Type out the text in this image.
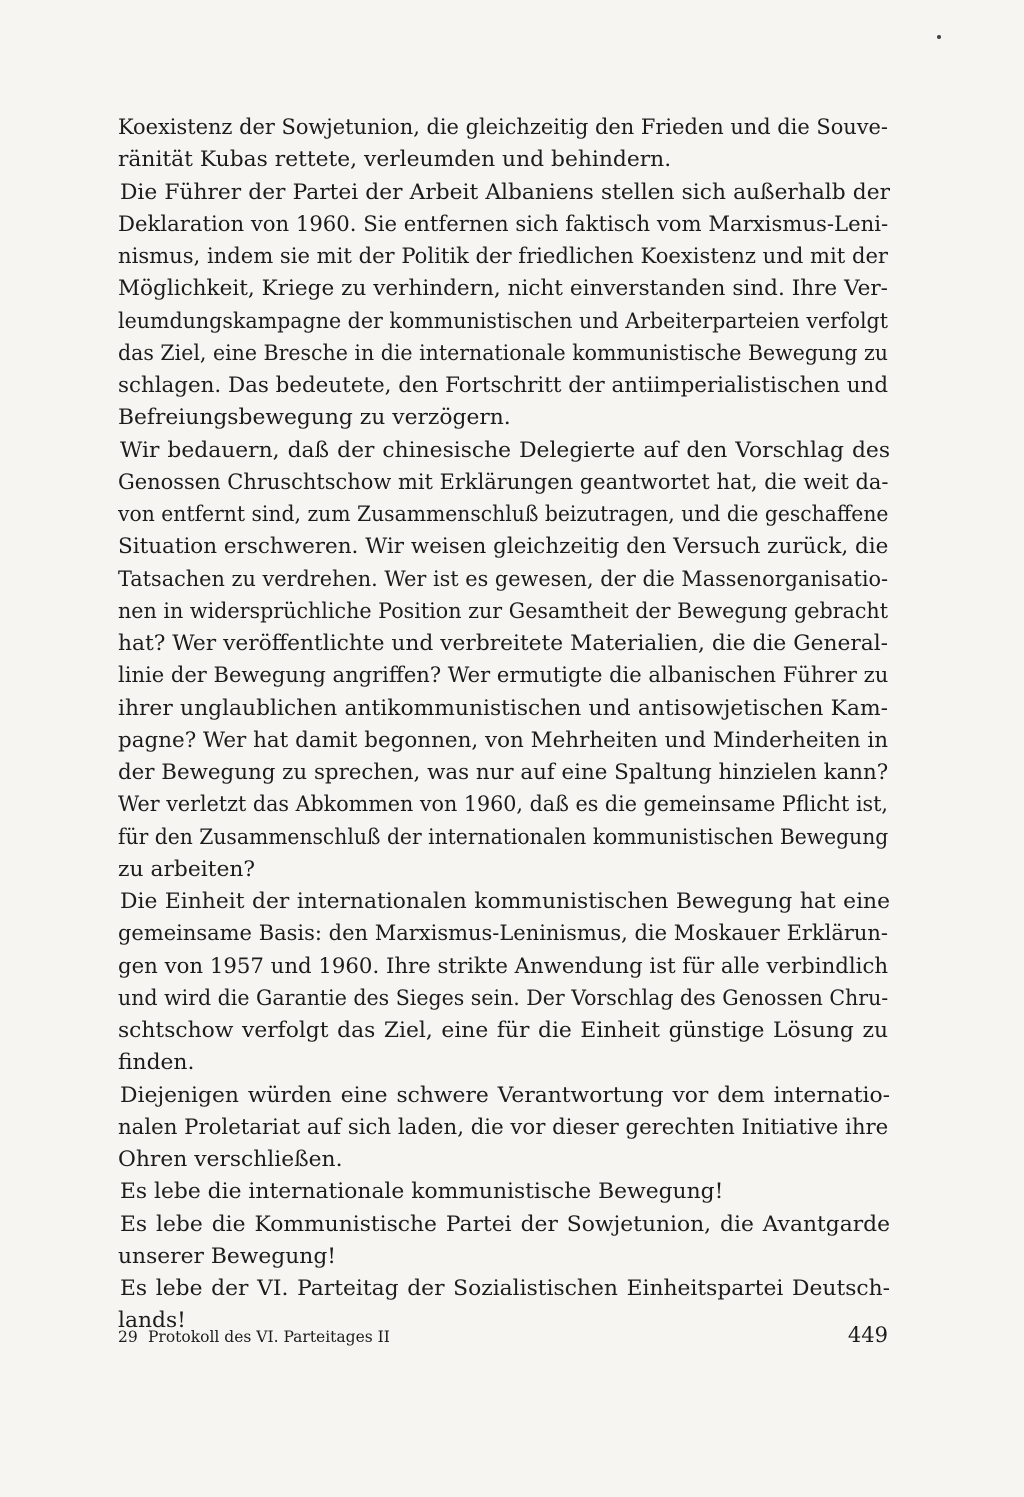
Koexistenz der Sowjetunion, die gleichzeitig den Frieden und die Souve-
ränität Kubas rettete, verleumden und behindern.
Die Führer der Partei der Arbeit Albaniens stellen sich außerhalb der
Deklaration von 1960. Sie entfernen sich faktisch vom Marxismus-Leni-
nismus, indem sie mit der Politik der friedlichen Koexistenz und mit der
Möglichkeit, Kriege zu verhindern, nicht einverstanden sind. Ihre Ver-
leumdungskampagne der kommunistischen und Arbeiterparteien verfolgt
das Ziel, eine Bresche in die internationale kommunistische Bewegung zu
schlagen. Das bedeutete, den Fortschritt der antiimperialistischen und
Befreiungsbewegung zu verzögern.
Wir bedauern, daß der chinesische Delegierte auf den Vorschlag des
Genossen Chruschtschow mit Erklärungen geantwortet hat, die weit da-
von entfernt sind, zum Zusammenschluß beizutragen, und die geschaffene
Situation erschweren. Wir weisen gleichzeitig den Versuch zurück, die
Tatsachen zu verdrehen. Wer ist es gewesen, der die Massenorganisatio-
nen in widersprüchliche Position zur Gesamtheit der Bewegung gebracht
hat? Wer veröffentlichte und verbreitete Materialien, die die General-
linie der Bewegung angriffen? Wer ermutigte die albanischen Führer zu
ihrer unglaublichen antikommunistischen und antisowjetischen Kam-
pagne? Wer hat damit begonnen, von Mehrheiten und Minderheiten in
der Bewegung zu sprechen, was nur auf eine Spaltung hinzielen kann?
Wer verletzt das Abkommen von 1960, daß es die gemeinsame Pflicht ist,
für den Zusammenschluß der internationalen kommunistischen Bewegung
zu arbeiten?
Die Einheit der internationalen kommunistischen Bewegung hat eine
gemeinsame Basis: den Marxismus-Leninismus, die Moskauer Erklärun-
gen von 1957 und 1960. Ihre strikte Anwendung ist für alle verbindlich
und wird die Garantie des Sieges sein. Der Vorschlag des Genossen Chru-
schtschow verfolgt das Ziel, eine für die Einheit günstige Lösung zu
finden.
Diejenigen würden eine schwere Verantwortung vor dem internatio-
nalen Proletariat auf sich laden, die vor dieser gerechten Initiative ihre
Ohren verschließen.
Es lebe die internationale kommunistische Bewegung!
Es lebe die Kommunistische Partei der Sowjetunion, die Avantgarde
unserer Bewegung!
Es lebe der VI. Parteitag der Sozialistischen Einheitspartei Deutsch-
lands!
29 Protokoll des VI. Parteitages II	449
